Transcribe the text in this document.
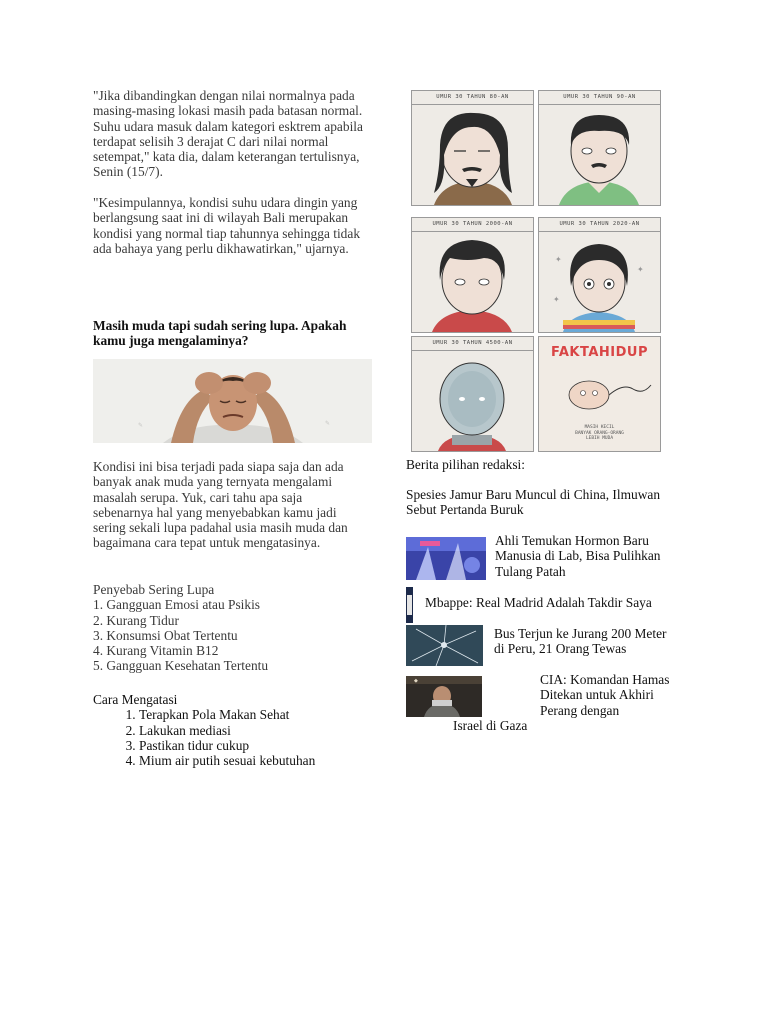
"Jika dibandingkan dengan nilai normalnya pada masing-masing lokasi masih pada batasan normal. Suhu udara masuk dalam kategori esktrem apabila terdapat selisih 3 derajat C dari nilai normal setempat," kata dia, dalam keterangan tertulisnya, Senin (15/7).

"Kesimpulannya, kondisi suhu udara dingin yang berlangsung saat ini di wilayah Bali merupakan kondisi yang normal tiap tahunnya sehingga tidak ada bahaya yang perlu dikhawatirkan," ujarnya.

Masih muda tapi sudah sering lupa. Apakah kamu juga mengalaminya?

✎	✎

Kondisi ini bisa terjadi pada siapa saja dan ada banyak anak muda yang ternyata mengalami masalah serupa. Yuk, cari tahu apa saja sebenarnya hal yang menyebabkan kamu jadi sering sekali lupa padahal usia masih muda dan bagaimana cara tepat untuk mengatasinya.

Penyebab Sering Lupa

1. Gangguan Emosi atau Psikis

2. Kurang Tidur

3. Konsumsi Obat Tertentu

4. Kurang Vitamin B12

5. Gangguan Kesehatan Tertentu

Cara Mengatasi

1. Terapkan Pola Makan Sehat
2. Lakukan mediasi
3. Pastikan tidur cukup
4. Mium air putih sesuai kebutuhan
UMUR 30 TAHUN 80-AN	UMUR 30 TAHUN 90-AN
UMUR 30 TAHUN 2000-AN	UMUR 30 TAHUN 2020-AN
✦
✦
✦
UMUR 30 TAHUN 4500-AN
FAKTAHIDUP
MASIH KECIL
BANYAK ORANG-ORANG
LEBIH MUDA

Berita pilihan redaksi:

Spesies Jamur Baru Muncul di China, Ilmuwan Sebut Pertanda Buruk

Ahli Temukan Hormon Baru Manusia di Lab, Bisa Pulihkan Tulang Patah

Mbappe: Real Madrid Adalah Takdir Saya

Bus Terjun ke Jurang 200 Meter di Peru, 21 Orang Tewas

◆	CIA: Komandan Hamas Ditekan untuk Akhiri Perang dengan

Israel di Gaza
